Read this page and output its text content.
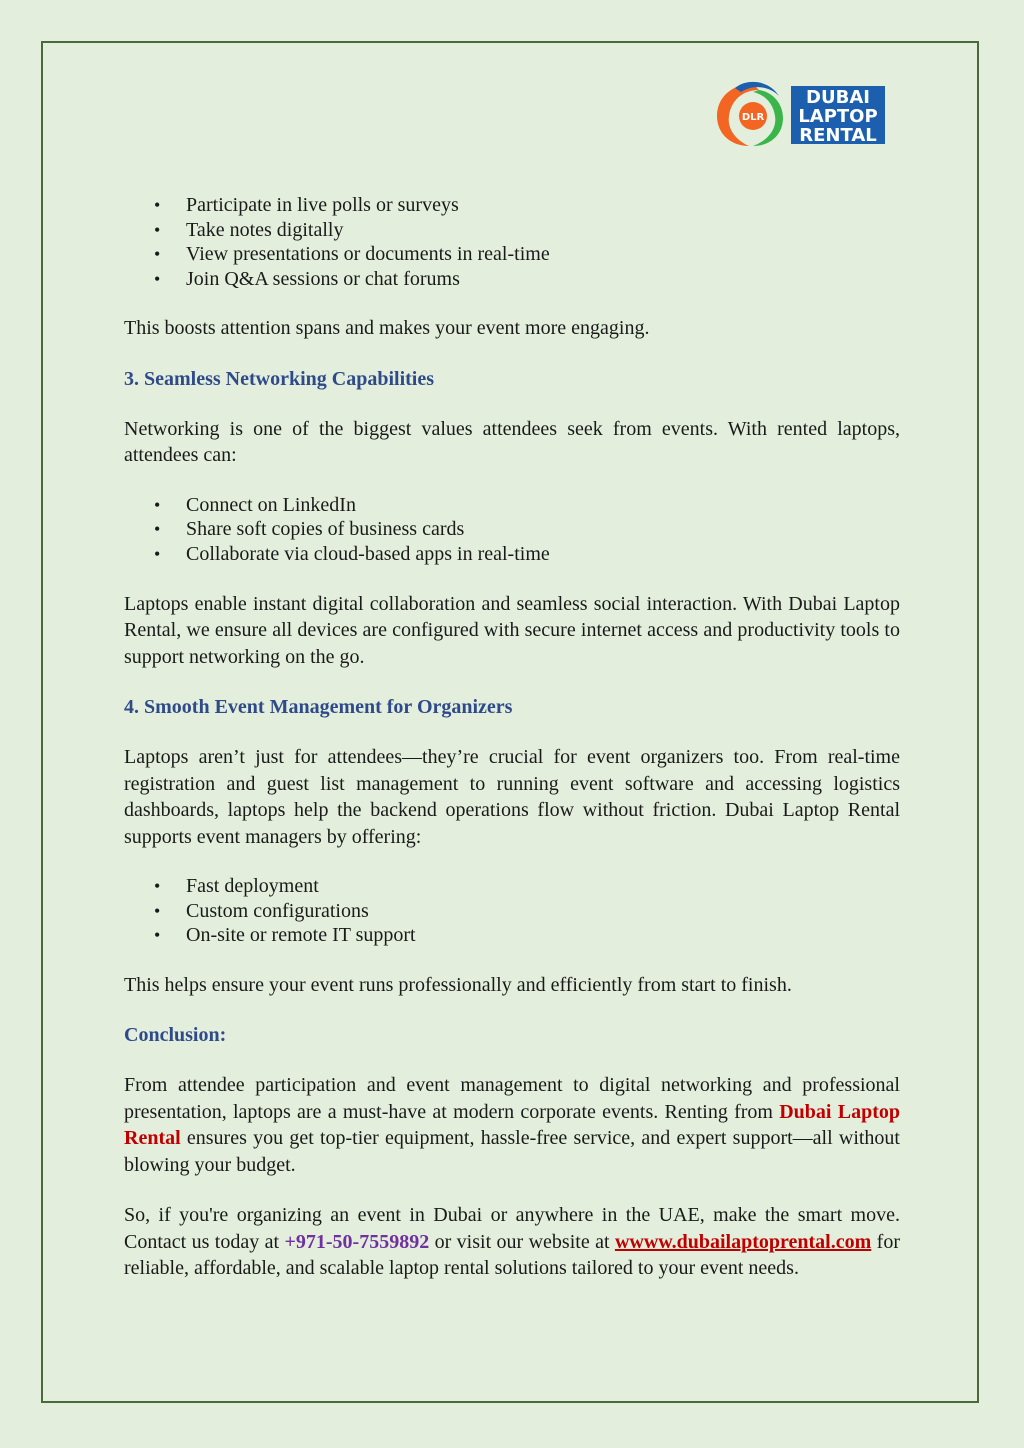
DLR
DUBAI
LAPTOP
RENTAL
• Participate in live polls or surveys
• Take notes digitally
• View presentations or documents in real-time
• Join Q&A sessions or chat forums

This boosts attention spans and makes your event more engaging.

3. Seamless Networking Capabilities

Networking is one of the biggest values attendees seek from events. With rented laptops, attendees can:

• Connect on LinkedIn
• Share soft copies of business cards
• Collaborate via cloud-based apps in real-time

Laptops enable instant digital collaboration and seamless social interaction. With Dubai Laptop Rental, we ensure all devices are configured with secure internet access and productivity tools to support networking on the go.

4. Smooth Event Management for Organizers

Laptops aren’t just for attendees—they’re crucial for event organizers too. From real-time registration and guest list management to running event software and accessing logistics dashboards, laptops help the backend operations flow without friction. Dubai Laptop Rental supports event managers by offering:

• Fast deployment
• Custom configurations
• On-site or remote IT support

This helps ensure your event runs professionally and efficiently from start to finish.

Conclusion:

From attendee participation and event management to digital networking and professional presentation, laptops are a must-have at modern corporate events. Renting from Dubai Laptop Rental ensures you get top-tier equipment, hassle-free service, and expert support—all without blowing your budget.

So, if you're organizing an event in Dubai or anywhere in the UAE, make the smart move. Contact us today at +971-50-7559892 or visit our website at wwww.dubailaptoprental.com for reliable, affordable, and scalable laptop rental solutions tailored to your event needs.
